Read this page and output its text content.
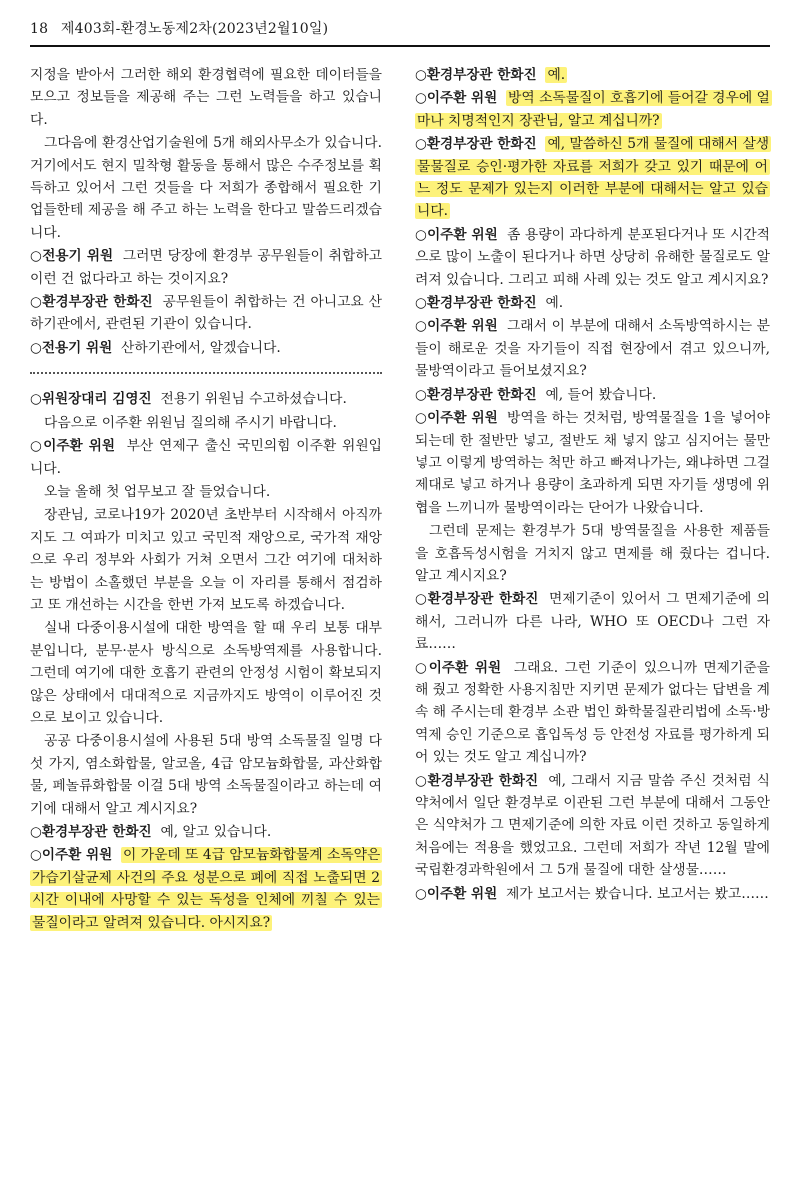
18 제403회-환경노동제2차(2023년2월10일)

지정을 받아서 그러한 해외 환경협력에 필요한 데이터들을 모으고 정보들을 제공해 주는 그런 노력들을 하고 있습니다.

그다음에 환경산업기술원에 5개 해외사무소가 있습니다. 거기에서도 현지 밀착형 활동을 통해서 많은 수주정보를 획득하고 있어서 그런 것들을 다 저희가 종합해서 필요한 기업들한테 제공을 해 주고 하는 노력을 한다고 말씀드리겠습니다.

○전용기 위원 그러면 당장에 환경부 공무원들이 취합하고 이런 건 없다라고 하는 것이지요?

○환경부장관 한화진 공무원들이 취합하는 건 아니고요 산하기관에서, 관련된 기관이 있습니다.

○전용기 위원 산하기관에서, 알겠습니다.

○위원장대리 김영진 전용기 위원님 수고하셨습니다.

다음으로 이주환 위원님 질의해 주시기 바랍니다.

○이주환 위원 부산 연제구 출신 국민의힘 이주환 위원입니다.

오늘 올해 첫 업무보고 잘 들었습니다.

장관님, 코로나19가 2020년 초반부터 시작해서 아직까지도 그 여파가 미치고 있고 국민적 재앙으로, 국가적 재앙으로 우리 정부와 사회가 거쳐 오면서 그간 여기에 대처하는 방법이 소홀했던 부분을 오늘 이 자리를 통해서 점검하고 또 개선하는 시간을 한번 가져 보도록 하겠습니다.

실내 다중이용시설에 대한 방역을 할 때 우리 보통 대부분입니다, 분무·분사 방식으로 소독방역제를 사용합니다. 그런데 여기에 대한 호흡기 관련의 안정성 시험이 확보되지 않은 상태에서 대대적으로 지금까지도 방역이 이루어진 것으로 보이고 있습니다.

공공 다중이용시설에 사용된 5대 방역 소독물질 일명 다섯 가지, 염소화합물, 알코올, 4급 암모늄화합물, 과산화합물, 페놀류화합물 이걸 5대 방역 소독물질이라고 하는데 여기에 대해서 알고 계시지요?

○환경부장관 한화진 예, 알고 있습니다.

○이주환 위원 이 가운데 또 4급 암모늄화합물계 소독약은 가습기살균제 사건의 주요 성분으로 폐에 직접 노출되면 2시간 이내에 사망할 수 있는 독성을 인체에 끼칠 수 있는 물질이라고 알려져 있습니다. 아시지요?

○환경부장관 한화진 예.

○이주환 위원 방역 소독물질이 호흡기에 들어갈 경우에 얼마나 치명적인지 장관님, 알고 계십니까?

○환경부장관 한화진 예, 말씀하신 5개 물질에 대해서 살생물물질로 승인·평가한 자료를 저희가 갖고 있기 때문에 어느 정도 문제가 있는지 이러한 부분에 대해서는 알고 있습니다.

○이주환 위원 좀 용량이 과다하게 분포된다거나 또 시간적으로 많이 노출이 된다거나 하면 상당히 유해한 물질로도 알려져 있습니다. 그리고 피해 사례 있는 것도 알고 계시지요?

○환경부장관 한화진 예.

○이주환 위원 그래서 이 부분에 대해서 소독방역하시는 분들이 해로운 것을 자기들이 직접 현장에서 겪고 있으니까, 물방역이라고 들어보셨지요?

○환경부장관 한화진 예, 들어 봤습니다.

○이주환 위원 방역을 하는 것처럼, 방역물질을 1을 넣어야 되는데 한 절반만 넣고, 절반도 채 넣지 않고 심지어는 물만 넣고 이렇게 방역하는 척만 하고 빠져나가는, 왜냐하면 그걸 제대로 넣고 하거나 용량이 초과하게 되면 자기들 생명에 위협을 느끼니까 물방역이라는 단어가 나왔습니다.

그런데 문제는 환경부가 5대 방역물질을 사용한 제품들을 호흡독성시험을 거치지 않고 면제를 해 줬다는 겁니다. 알고 계시지요?

○환경부장관 한화진 면제기준이 있어서 그 면제기준에 의해서, 그러니까 다른 나라, WHO 또 OECD나 그런 자료……

○이주환 위원 그래요. 그런 기준이 있으니까 면제기준을 해 줬고 정확한 사용지침만 지키면 문제가 없다는 답변을 계속 해 주시는데 환경부 소관 법인 화학물질관리법에 소독·방역제 승인 기준으로 흡입독성 등 안전성 자료를 평가하게 되어 있는 것도 알고 계십니까?

○환경부장관 한화진 예, 그래서 지금 말씀 주신 것처럼 식약처에서 일단 환경부로 이관된 그런 부분에 대해서 그동안은 식약처가 그 면제기준에 의한 자료 이런 것하고 동일하게 처음에는 적용을 했었고요. 그런데 저희가 작년 12월 말에 국립환경과학원에서 그 5개 물질에 대한 살생물……

○이주환 위원 제가 보고서는 봤습니다. 보고서는 봤고……
